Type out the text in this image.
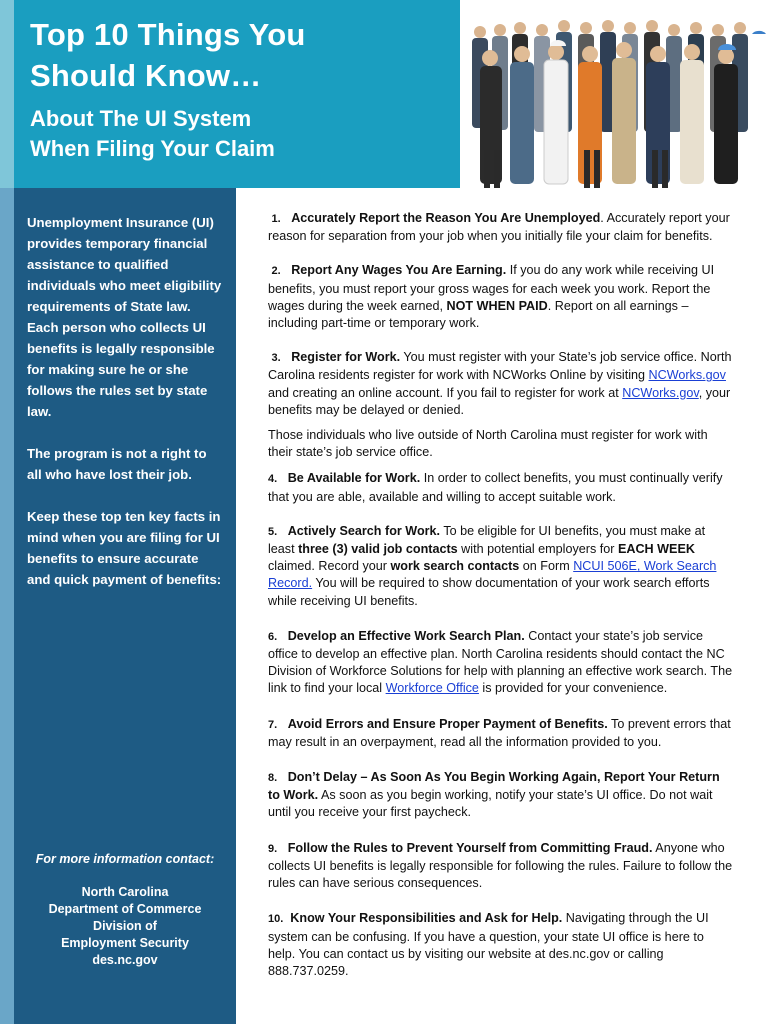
Top 10 Things You
Should Know…
About The UI System
When Filing Your Claim

Unemployment Insurance (UI) provides temporary financial assistance to qualified individuals who meet eligibility requirements of State law. Each person who collects UI benefits is legally responsible for making sure he or she follows the rules set by state law.

The program is not a right to all who have lost their job.

Keep these top ten key facts in mind when you are filing for UI benefits to ensure accurate and quick payment of benefits:

For more information contact:
North Carolina
Department of Commerce
Division of
Employment Security
des.nc.gov
1. Accurately Report the Reason You Are Unemployed. Accurately report your reason for separation from your job when you initially file your claim for benefits.
2. Report Any Wages You Are Earning. If you do any work while receiving UI benefits, you must report your gross wages for each week you work. Report the wages during the week earned, NOT WHEN PAID. Report on all earnings – including part-time or temporary work.
3. Register for Work. You must register with your State’s job service office. North Carolina residents register for work with NCWorks Online by visiting NCWorks.gov and creating an online account. If you fail to register for work at NCWorks.gov, your benefits may be delayed or denied.
Those individuals who live outside of North Carolina must register for work with their state’s job service office.
4. Be Available for Work. In order to collect benefits, you must continually verify that you are able, available and willing to accept suitable work.
5. Actively Search for Work. To be eligible for UI benefits, you must make at least three (3) valid job contacts with potential employers for EACH WEEK claimed. Record your work search contacts on Form NCUI 506E, Work Search Record. You will be required to show documentation of your work search efforts while receiving UI benefits.
6. Develop an Effective Work Search Plan. Contact your state’s job service office to develop an effective plan. North Carolina residents should contact the NC Division of Workforce Solutions for help with planning an effective work search. The link to find your local Workforce Office is provided for your convenience.
7. Avoid Errors and Ensure Proper Payment of Benefits. To prevent errors that may result in an overpayment, read all the information provided to you.
8. Don’t Delay – As Soon As You Begin Working Again, Report Your Return to Work. As soon as you begin working, notify your state’s UI office. Do not wait until you receive your first paycheck.
9. Follow the Rules to Prevent Yourself from Committing Fraud. Anyone who collects UI benefits is legally responsible for following the rules. Failure to follow the rules can have serious consequences.
10. Know Your Responsibilities and Ask for Help. Navigating through the UI system can be confusing. If you have a question, your state UI office is here to help. You can contact us by visiting our website at des.nc.gov or calling 888.737.0259.
